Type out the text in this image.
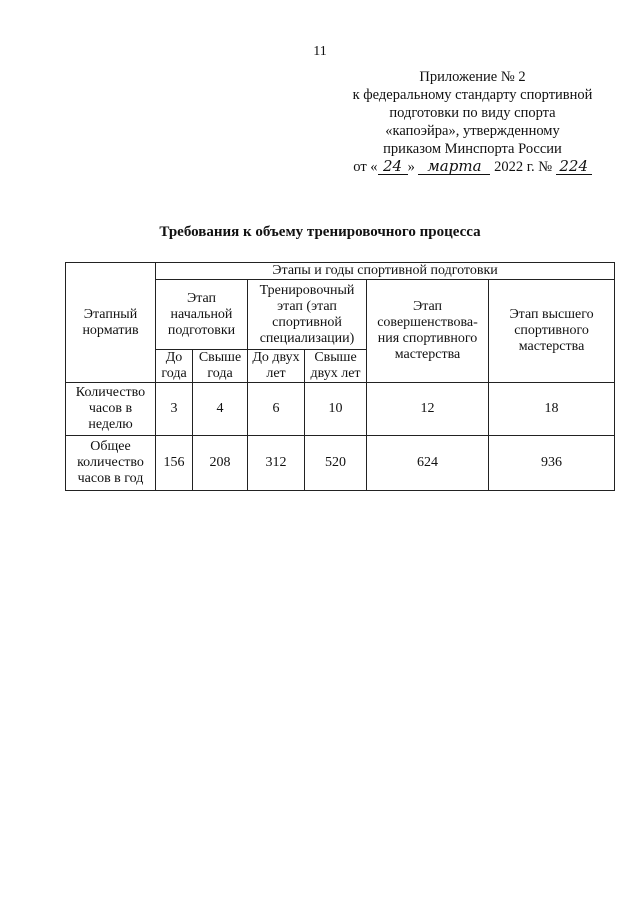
11
Приложение № 2
к федеральному стандарту спортивной
подготовки по виду спорта
«капоэйра», утвержденному
приказом Минспорта России
от « 24 » марта 2022 г. № 224
Требования к объему тренировочного процесса
Этапный норматив	Этапы и годы спортивной подготовки					
	Этап начальной подготовки		Тренировочный этап (этап спортивной специализации)		Этап совершенствова-ния спортивного мастерства	Этап высшего спортивного мастерства
	До года	Свыше года	До двух лет	Свыше двух лет		
Количество часов в неделю	3	4	6	10	12	18
Общее количество часов в год	156	208	312	520	624	936
